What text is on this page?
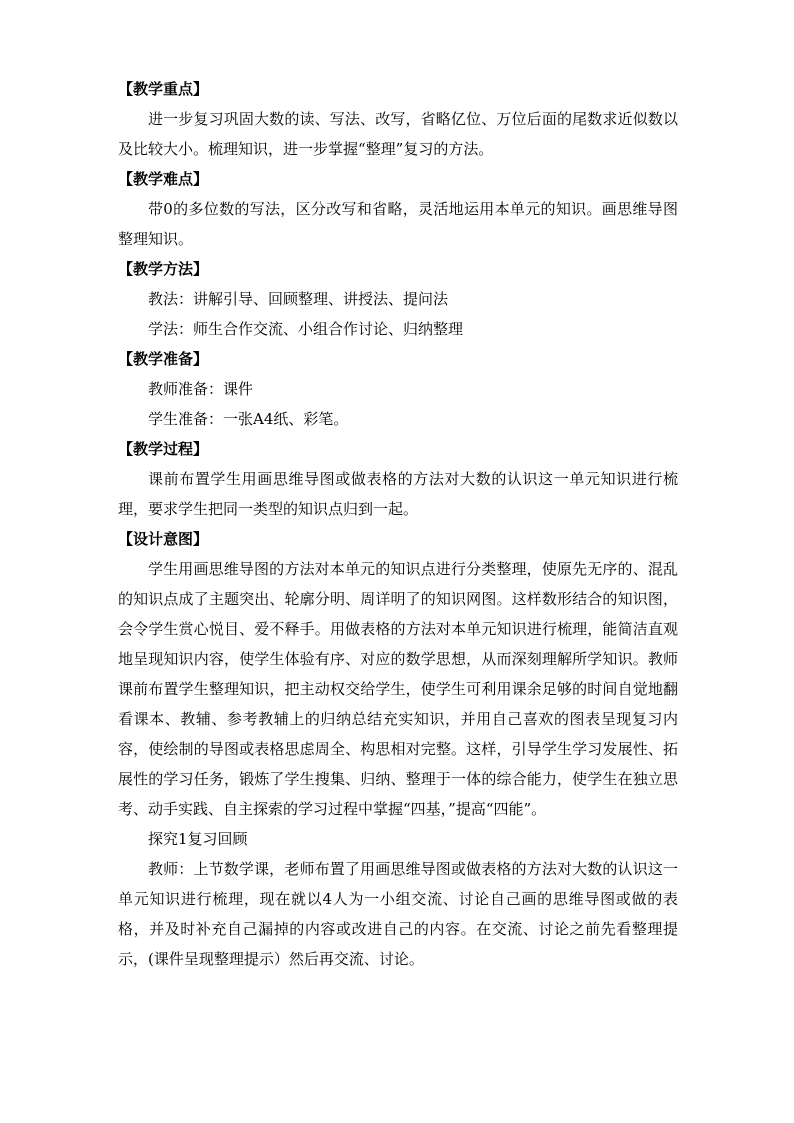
【教学重点】

进一步复习巩固大数的读、写法、改写，省略亿位、万位后面的尾数求近似数以及比较大小。梳理知识，进一步掌握“整理”复习的方法。

【教学难点】

带0的多位数的写法，区分改写和省略，灵活地运用本单元的知识。画思维导图整理知识。

【教学方法】

教法：讲解引导、回顾整理、讲授法、提问法

学法：师生合作交流、小组合作讨论、归纳整理

【教学准备】

教师准备：课件

学生准备：一张A4纸、彩笔。

【教学过程】

课前布置学生用画思维导图或做表格的方法对大数的认识这一单元知识进行梳理，要求学生把同一类型的知识点归到一起。

【设计意图】

学生用画思维导图的方法对本单元的知识点进行分类整理，使原先无序的、混乱的知识点成了主题突出、轮廓分明、周详明了的知识网图。这样数形结合的知识图，会令学生赏心悦目、爱不释手。用做表格的方法对本单元知识进行梳理，能简洁直观地呈现知识内容，使学生体验有序、对应的数学思想，从而深刻理解所学知识。教师课前布置学生整理知识，把主动权交给学生，使学生可利用课余足够的时间自觉地翻看课本、教辅、参考教辅上的归纳总结充实知识，并用自己喜欢的图表呈现复习内容，使绘制的导图或表格思虑周全、构思相对完整。这样，引导学生学习发展性、拓展性的学习任务，锻炼了学生搜集、归纳、整理于一体的综合能力，使学生在独立思考、动手实践、自主探索的学习过程中掌握“四基，”提高“四能”。

探究1复习回顾

教师：上节数学课，老师布置了用画思维导图或做表格的方法对大数的认识这一单元知识进行梳理，现在就以4人为一小组交流、讨论自己画的思维导图或做的表格，并及时补充自己漏掉的内容或改进自己的内容。在交流、讨论之前先看整理提示，(课件呈现整理提示）然后再交流、讨论。
